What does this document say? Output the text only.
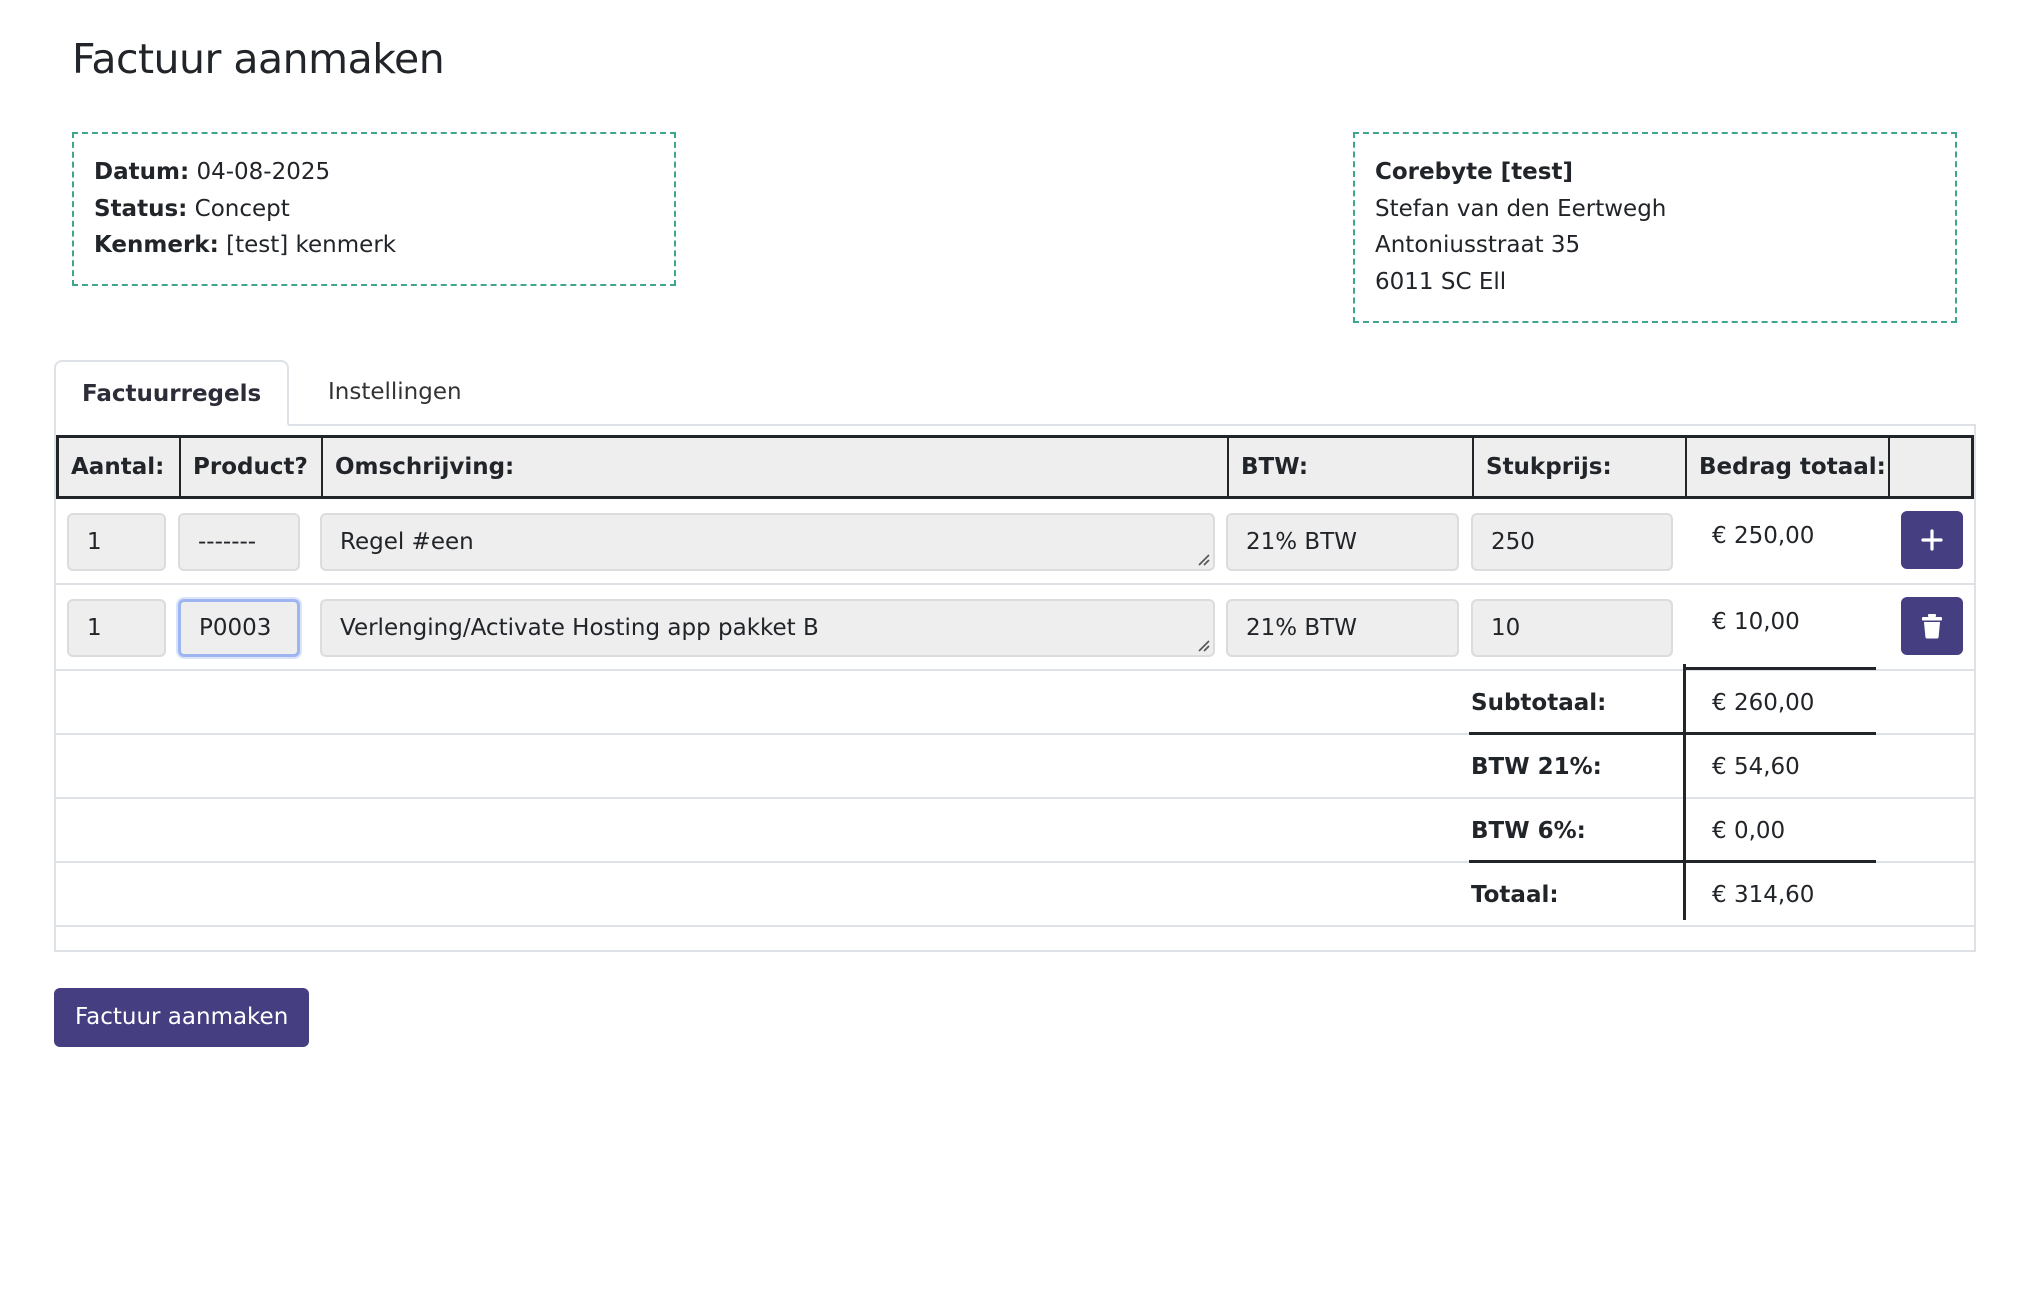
Factuur aanmaken
Datum: 04-08-2025
Status: Concept
Kenmerk: [test] kenmerk
Corebyte [test]
Stefan van den Eertwegh
Antoniusstraat 35
6011 SC Ell
Factuurregels	Instellingen
Aantal:	Product?	Omschrijving:	BTW:	Stukprijs:	Bedrag totaal:
1	-------	Regel #een	21% BTW	250	€ 250,00
1	P0003	Verlenging/Activate Hosting app pakket B	21% BTW	10	€ 10,00
Subtotaal:	€ 260,00
BTW 21%:	€ 54,60
BTW 6%:	€ 0,00
Totaal:	€ 314,60
Factuur aanmaken
